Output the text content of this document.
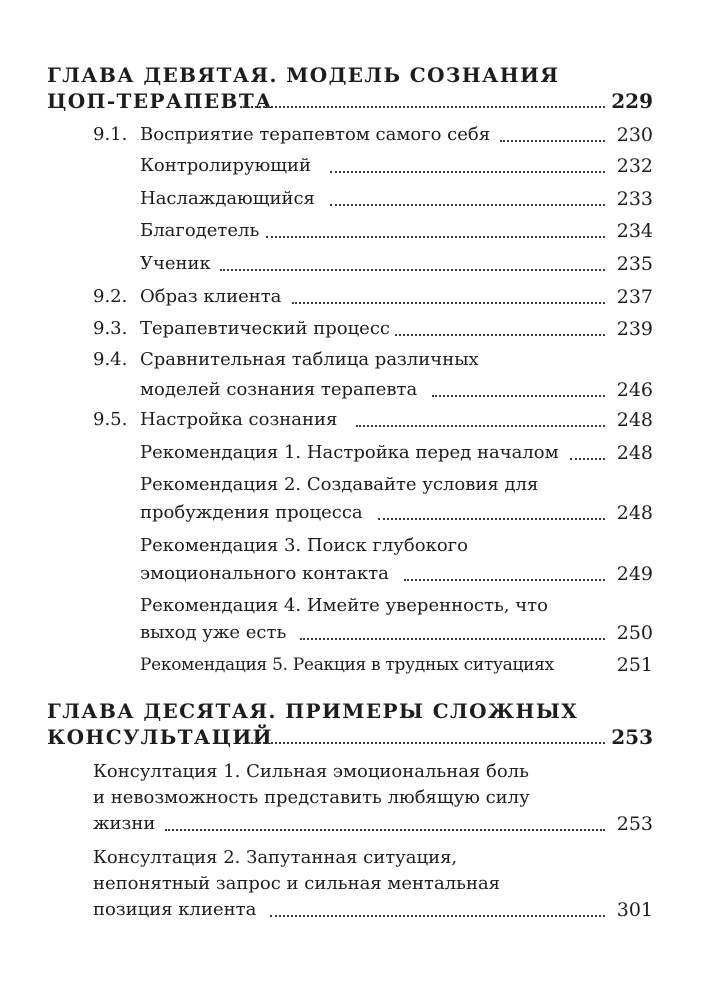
ГЛАВА ДЕВЯТАЯ. МОДЕЛЬ СОЗНАНИЯ
ЦОП-ТЕРАПЕВТА	229
9.1. Восприятие терапевтом самого себя	230
Контролирующий	232
Наслаждающийся	233
Благодетель	234
Ученик	235
9.2. Образ клиента	237
9.3. Терапевтический процесс	239
9.4. Сравнительная таблица различных
моделей сознания терапевта	246
9.5. Настройка сознания	248
Рекомендация 1. Настройка перед началом	248
Рекомендация 2. Создавайте условия для
пробуждения процесса	248
Рекомендация 3. Поиск глубокого
эмоционального контакта	249
Рекомендация 4. Имейте уверенность, что
выход уже есть	250
Рекомендация 5. Реакция в трудных ситуациях	251
ГЛАВА ДЕСЯТАЯ. ПРИМЕРЫ СЛОЖНЫХ
КОНСУЛЬТАЦИЙ	253
Консултация 1. Сильная эмоциональная боль
и невозможность представить любящую силу
жизни	253
Консултация 2. Запутанная ситуация,
непонятный запрос и сильная ментальная
позиция клиента	301
